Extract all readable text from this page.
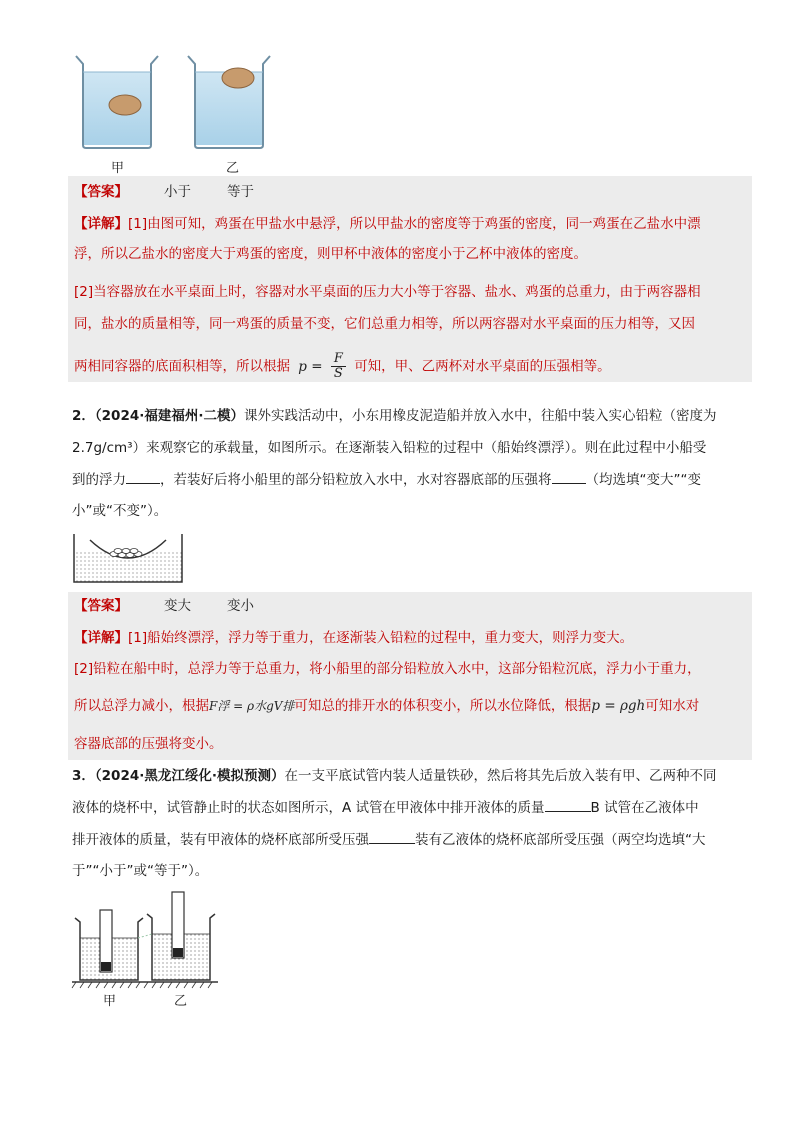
甲	乙
【答案】	小于	等于
【详解】[1]由图可知，鸡蛋在甲盐水中悬浮，所以甲盐水的密度等于鸡蛋的密度，同一鸡蛋在乙盐水中漂
浮，所以乙盐水的密度大于鸡蛋的密度，则甲杯中液体的密度小于乙杯中液体的密度。
[2]当容器放在水平桌面上时，容器对水平桌面的压力大小等于容器、盐水、鸡蛋的总重力，由于两容器相
同，盐水的质量相等，同一鸡蛋的质量不变，它们总重力相等，所以两容器对水平桌面的压力相等，又因
两相同容器的底面积相等，所以根据 $p = \frac{F}{S}$ 可知，甲、乙两杯对水平桌面的压强相等。
2．（2024·福建福州·二模）课外实践活动中，小东用橡皮泥造船并放入水中，往船中装入实心铅粒（密度为
2.7g/cm³）来观察它的承载量，如图所示。在逐渐装入铅粒的过程中（船始终漂浮）。则在此过程中小船受
到的浮力	，若装好后将小船里的部分铅粒放入水中，水对容器底部的压强将	（均选填“变大”“变
小”或“不变”）。
【答案】	变大	变小
【详解】[1]船始终漂浮，浮力等于重力，在逐渐装入铅粒的过程中，重力变大，则浮力变大。
[2]铅粒在船中时，总浮力等于总重力，将小船里的部分铅粒放入水中，这部分铅粒沉底，浮力小于重力，
所以总浮力减小，根据F浮 = ρ水gV排可知总的排开水的体积变小，所以水位降低，根据p = ρgh可知水对
容器底部的压强将变小。
3．（2024·黑龙江绥化·模拟预测）在一支平底试管内装人适量铁砂，然后将其先后放入装有甲、乙两种不同
液体的烧杯中，试管静止时的状态如图所示，A 试管在甲液体中排开液体的质量	B 试管在乙液体中
排开液体的质量，装有甲液体的烧杯底部所受压强	装有乙液体的烧杯底部所受压强（两空均选填“大
于”“小于”或“等于”）。
甲	乙
